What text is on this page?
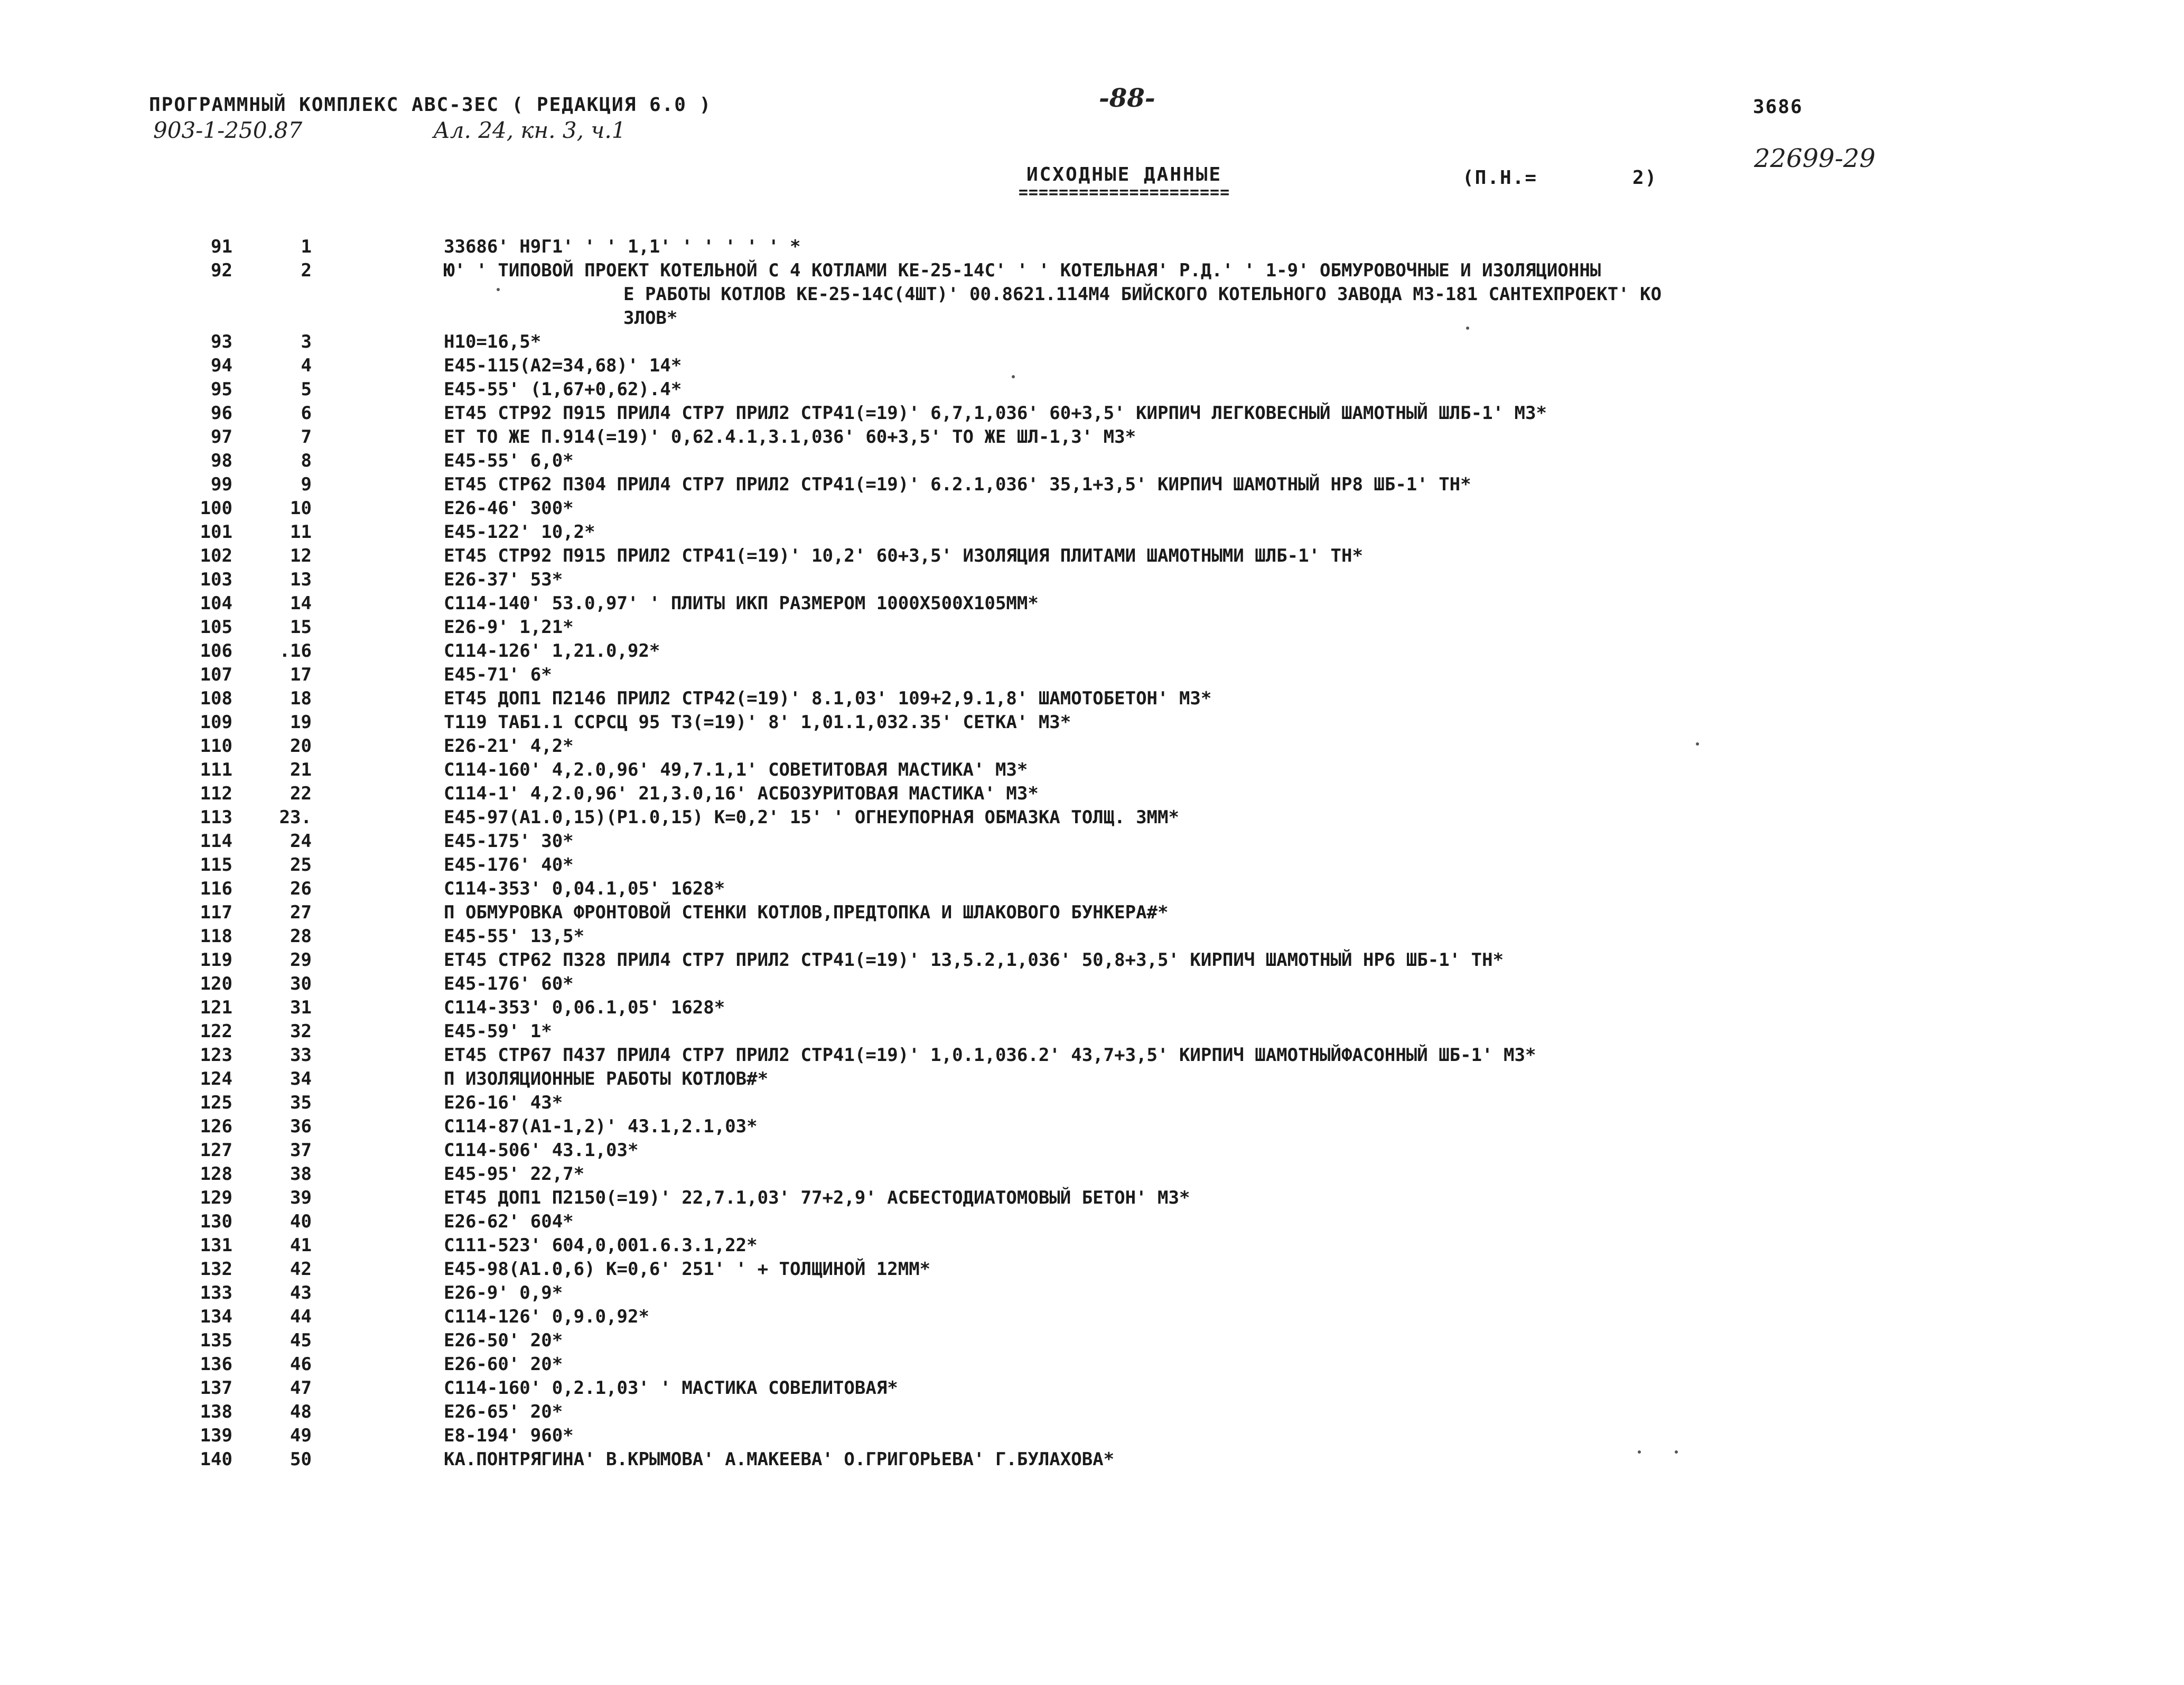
ПРОГРАММНЫЙ КОМПЛЕКС АВС-ЗЕС ( РЕДАКЦИЯ 6.0 )	-88-	3686
903-1-250.87	Ал. 24, кн. 3, ч.1
22699-29
ИСХОДНЫЕ ДАННЫЕ
=====================
(П.Н.=	2)
91	1	33686' Н9Г1' ' ' 1,1' ' ' ' ' ' *
92	2	Ю' ' ТИПОВОЙ ПРОЕКТ КОТЕЛЬНОЙ С 4 КОТЛАМИ КЕ-25-14С' ' ' КОТЕЛЬНАЯ' Р.Д.' ' 1-9' ОБМУРОВОЧНЫЕ И ИЗОЛЯЦИОННЫ
Е РАБОТЫ КОТЛОВ КЕ-25-14С(4ШТ)' 00.8621.114М4 БИЙСКОГО КОТЕЛЬНОГО ЗАВОДА М3-181 САНТЕХПРОЕКТ' КО
ЗЛОВ*
93	3	Н10=16,5*
94	4	Е45-115(А2=34,68)' 14*
95	5	Е45-55' (1,67+0,62).4*
96	6	ЕТ45 СТР92 П915 ПРИЛ4 СТР7 ПРИЛ2 СТР41(=19)' 6,7,1,036' 60+3,5' КИРПИЧ ЛЕГКОВЕСНЫЙ ШАМОТНЫЙ ШЛБ-1' М3*
97	7	ЕТ ТО ЖЕ П.914(=19)' 0,62.4.1,3.1,036' 60+3,5' ТО ЖЕ ШЛ-1,3' М3*
98	8	Е45-55' 6,0*
99	9	ЕТ45 СТР62 П304 ПРИЛ4 СТР7 ПРИЛ2 СТР41(=19)' 6.2.1,036' 35,1+3,5' КИРПИЧ ШАМОТНЫЙ НР8 ШБ-1' ТН*
100	10	Е26-46' 300*
101	11	Е45-122' 10,2*
102	12	ЕТ45 СТР92 П915 ПРИЛ2 СТР41(=19)' 10,2' 60+3,5' ИЗОЛЯЦИЯ ПЛИТАМИ ШАМОТНЫМИ ШЛБ-1' ТН*
103	13	Е26-37' 53*
104	14	С114-140' 53.0,97' ' ПЛИТЫ ИКП РАЗМЕРОМ 1000Х500Х105ММ*
105	15	Е26-9' 1,21*
106	.16	С114-126' 1,21.0,92*
107	17	Е45-71' 6*
108	18	ЕТ45 ДОП1 П2146 ПРИЛ2 СТР42(=19)' 8.1,03' 109+2,9.1,8' ШАМОТОБЕТОН' М3*
109	19	Т119 ТАБ1.1 ССРСЦ 95 ТЗ(=19)' 8' 1,01.1,032.35' СЕТКА' М3*
110	20	Е26-21' 4,2*
111	21	С114-160' 4,2.0,96' 49,7.1,1' СОВЕТИТОВАЯ МАСТИКА' М3*
112	22	С114-1' 4,2.0,96' 21,3.0,16' АСБОЗУРИТОВАЯ МАСТИКА' М3*
113	23.	Е45-97(А1.0,15)(Р1.0,15) К=0,2' 15' ' ОГНЕУПОРНАЯ ОБМАЗКА ТОЛЩ. 3ММ*
114	24	Е45-175' 30*
115	25	Е45-176' 40*
116	26	С114-353' 0,04.1,05' 1628*
117	27	П ОБМУРОВКА ФРОНТОВОЙ СТЕНКИ КОТЛОВ,ПРЕДТОПКА И ШЛАКОВОГО БУНКЕРА#*
118	28	Е45-55' 13,5*
119	29	ЕТ45 СТР62 П328 ПРИЛ4 СТР7 ПРИЛ2 СТР41(=19)' 13,5.2,1,036' 50,8+3,5' КИРПИЧ ШАМОТНЫЙ НР6 ШБ-1' ТН*
120	30	Е45-176' 60*
121	31	С114-353' 0,06.1,05' 1628*
122	32	Е45-59' 1*
123	33	ЕТ45 СТР67 П437 ПРИЛ4 СТР7 ПРИЛ2 СТР41(=19)' 1,0.1,036.2' 43,7+3,5' КИРПИЧ ШАМОТНЫЙФАСОННЫЙ ШБ-1' М3*
124	34	П ИЗОЛЯЦИОННЫЕ РАБОТЫ КОТЛОВ#*
125	35	Е26-16' 43*
126	36	С114-87(А1-1,2)' 43.1,2.1,03*
127	37	С114-506' 43.1,03*
128	38	Е45-95' 22,7*
129	39	ЕТ45 ДОП1 П2150(=19)' 22,7.1,03' 77+2,9' АСБЕСТОДИАТОМОВЫЙ БЕТОН' М3*
130	40	Е26-62' 604*
131	41	С111-523' 604,0,001.6.3.1,22*
132	42	Е45-98(А1.0,6) К=0,6' 251' ' + ТОЛЩИНОЙ 12ММ*
133	43	Е26-9' 0,9*
134	44	С114-126' 0,9.0,92*
135	45	Е26-50' 20*
136	46	Е26-60' 20*
137	47	С114-160' 0,2.1,03' ' МАСТИКА СОВЕЛИТОВАЯ*
138	48	Е26-65' 20*
139	49	Е8-194' 960*
140	50	КА.ПОНТРЯГИНА' В.КРЫМОВА' А.МАКЕЕВА' О.ГРИГОРЬЕВА' Г.БУЛАХОВА*
